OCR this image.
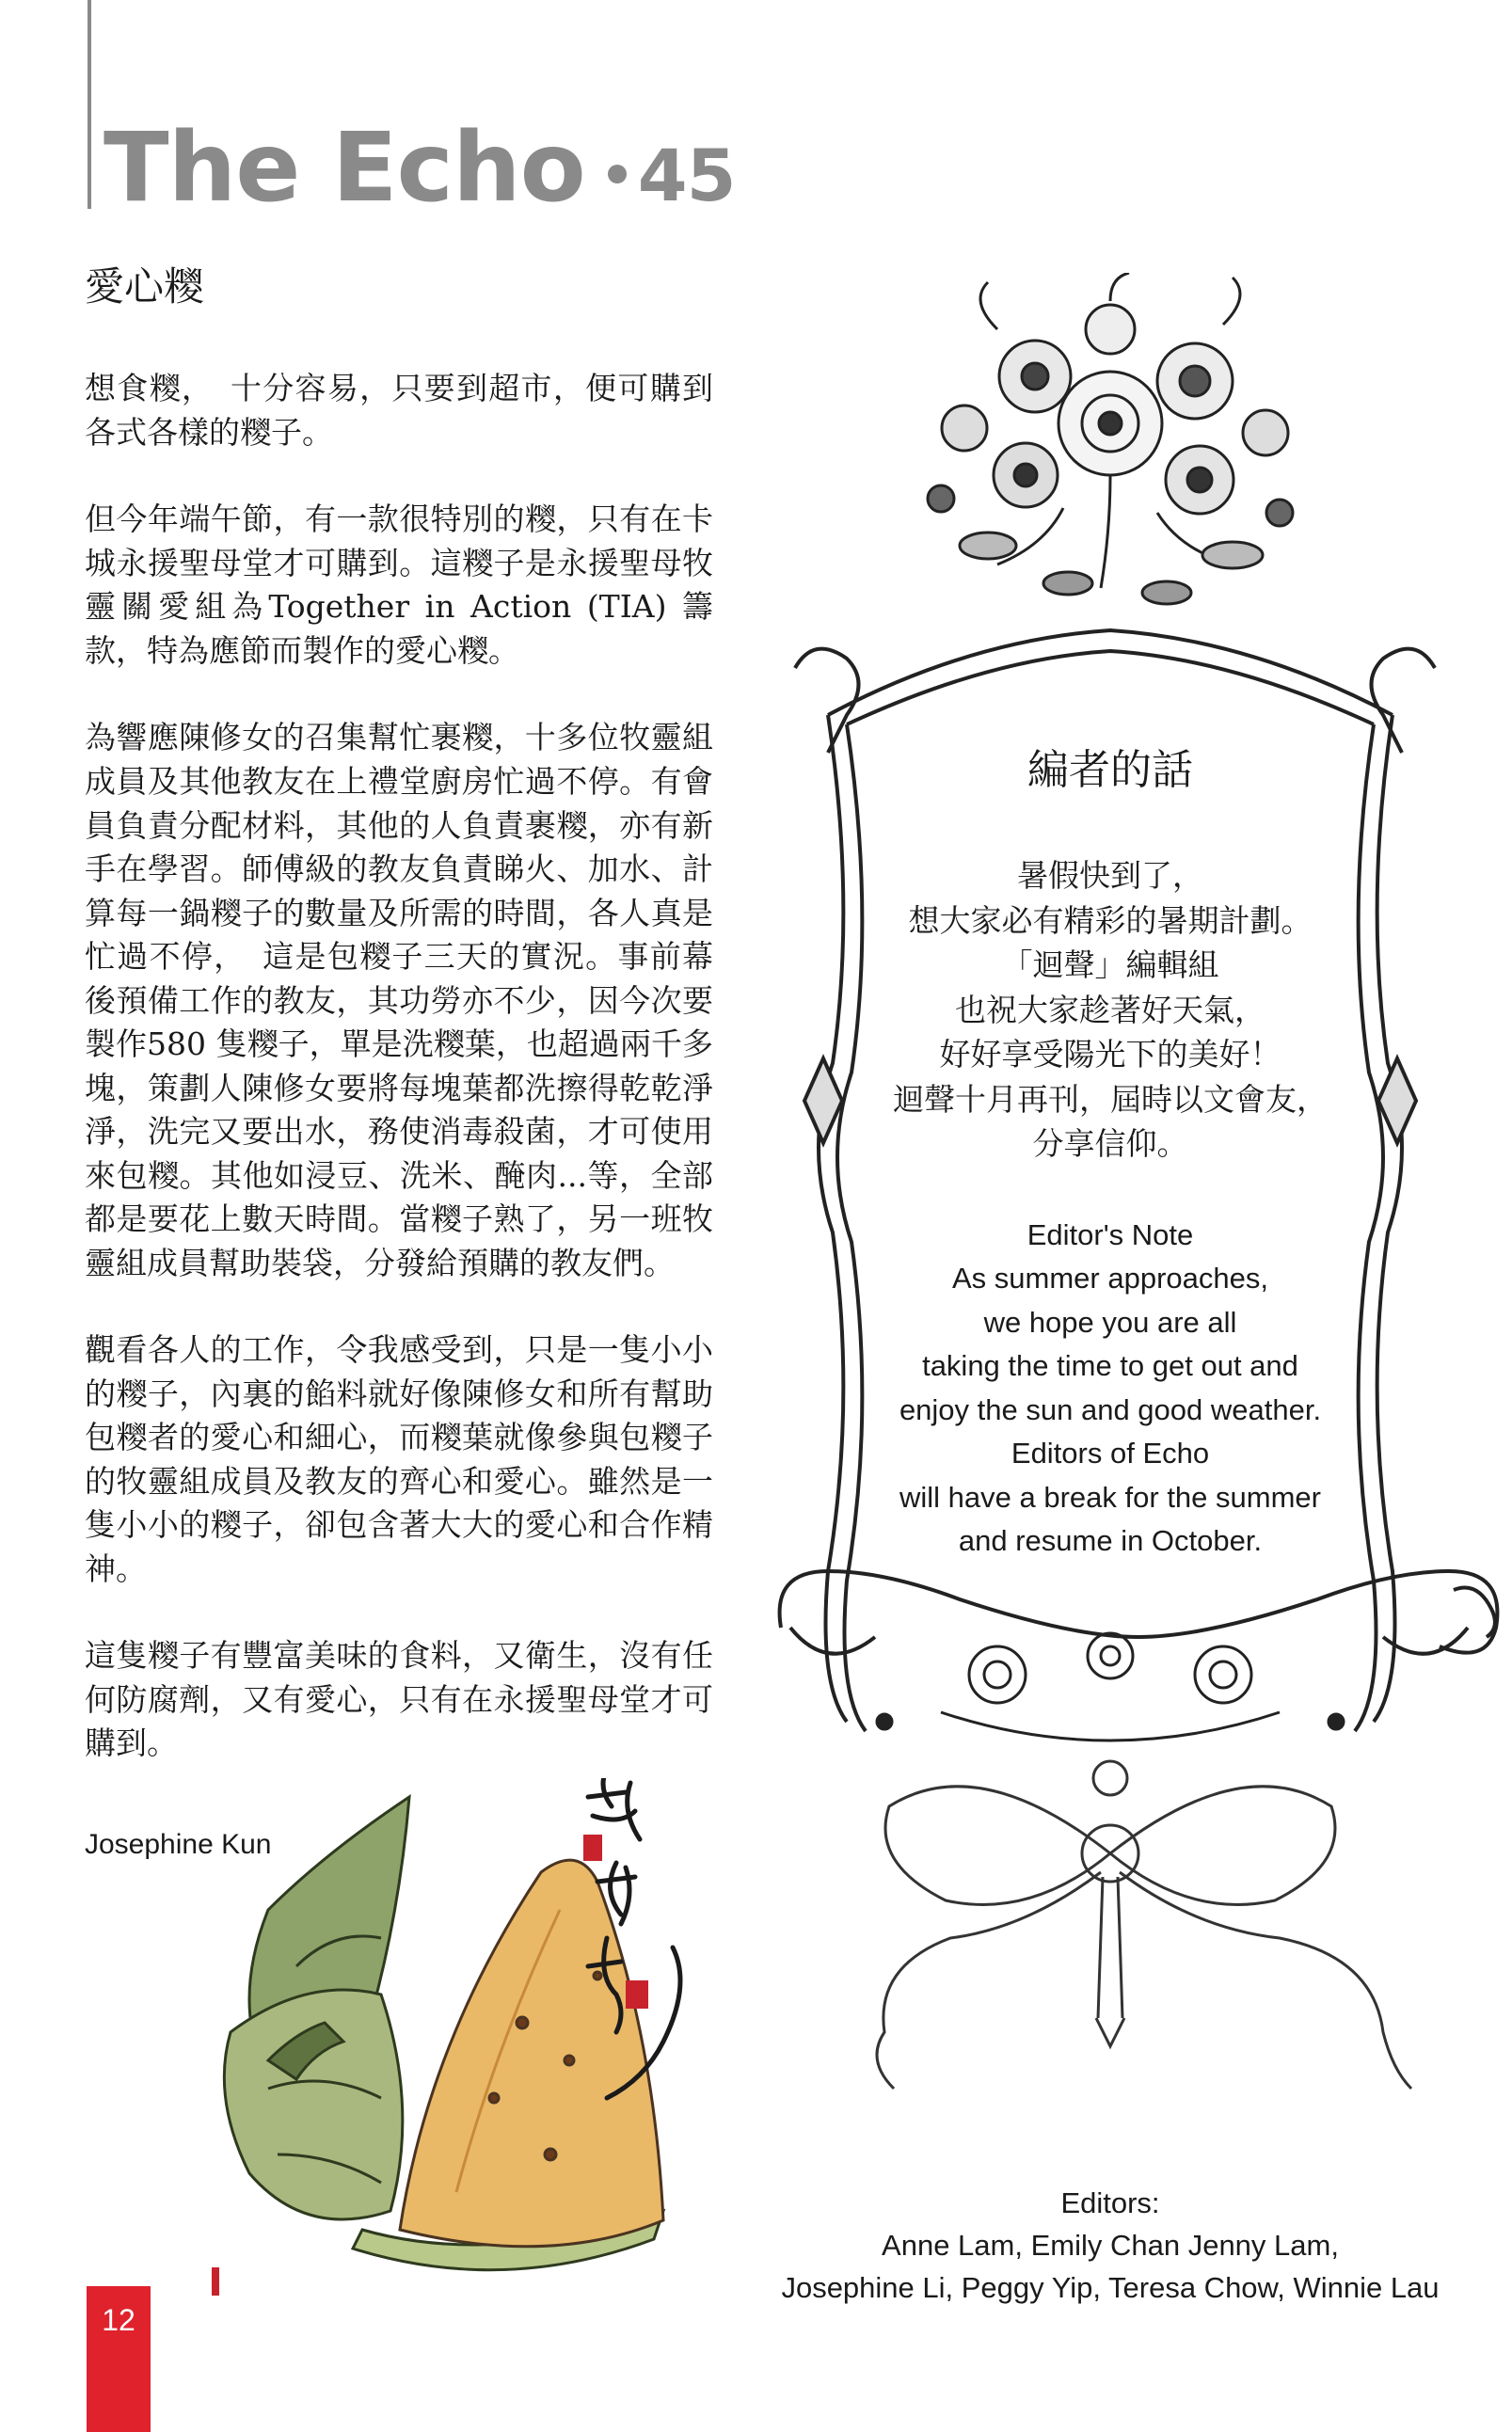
The Echo 45
愛心糭

想食糭，　十分容易，只要到超市，便可購到各式各樣的糭子。

但今年端午節，有一款很特別的糭，只有在卡城永援聖母堂才可購到。這糭子是永援聖母牧靈關愛組為Together in Action (TIA) 籌款，特為應節而製作的愛心糭。

為響應陳修女的召集幫忙裹糭，十多位牧靈組成員及其他教友在上禮堂廚房忙過不停。有會員負責分配材料，其他的人負責裹糭，亦有新手在學習。師傅級的教友負責睇火、加水、計算每一鍋糭子的數量及所需的時間，各人真是忙過不停，　這是包糭子三天的實況。事前幕後預備工作的教友，其功勞亦不少，因今次要製作580 隻糭子，單是洗糭葉，也超過兩千多塊，策劃人陳修女要將每塊葉都洗擦得乾乾淨淨，洗完又要出水，務使消毒殺菌，才可使用來包糭。其他如浸豆、洗米、醃肉...等，全部都是要花上數天時間。當糭子熟了，另一班牧靈組成員幫助裝袋，分發給預購的教友們。

觀看各人的工作，令我感受到，只是一隻小小的糭子，內裏的餡料就好像陳修女和所有幫助包糭者的愛心和細心，而糭葉就像參與包糭子的牧靈組成員及教友的齊心和愛心。雖然是一隻小小的糭子，卻包含著大大的愛心和合作精神。

這隻糭子有豐富美味的食料，又衛生，沒有任何防腐劑，又有愛心，只有在永援聖母堂才可購到。

Josephine Kun
編者的話
暑假快到了，
想大家必有精彩的暑期計劃。
「迴聲」編輯組
也祝大家趁著好天氣，
好好享受陽光下的美好！
迴聲十月再刊，屆時以文會友，
分享信仰。
Editor's Note
As summer approaches,
we hope you are all
taking the time to get out and
enjoy the sun and good weather.
Editors of Echo
will have a break for the summer
and resume in October.
Editors:
Anne Lam, Emily Chan Jenny Lam,
Josephine Li, Peggy Yip, Teresa Chow, Winnie Lau
12
